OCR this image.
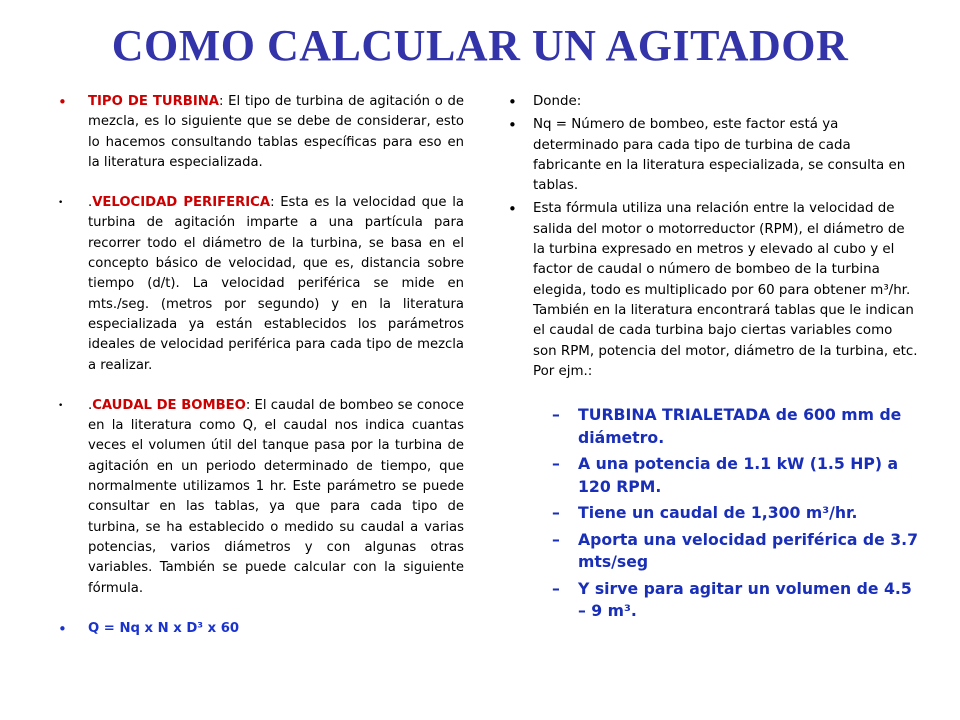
COMO CALCULAR UN AGITADOR
• TIPO DE TURBINA: El tipo de turbina de agitación o de mezcla, es lo siguiente que se debe de considerar, esto lo hacemos consultando tablas específicas para eso en la literatura especializada.
• .VELOCIDAD PERIFERICA: Esta es la velocidad que la turbina de agitación imparte a una partícula para recorrer todo el diámetro de la turbina, se basa en el concepto básico de velocidad, que es, distancia sobre tiempo (d/t). La velocidad periférica se mide en mts./seg. (metros por segundo) y en la literatura especializada ya están establecidos los parámetros ideales de velocidad periférica para cada tipo de mezcla a realizar.
• .CAUDAL DE BOMBEO: El caudal de bombeo se conoce en la literatura como Q, el caudal nos indica cuantas veces el volumen útil del tanque pasa por la turbina de agitación en un periodo determinado de tiempo, que normalmente utilizamos 1 hr. Este parámetro se puede consultar en las tablas, ya que para cada tipo de turbina, se ha establecido o medido su caudal a varias potencias, varios diámetros y con algunas otras variables. También se puede calcular con la siguiente fórmula.
• Q = Nq x N x D³ x 60
• Donde:
• Nq = Número de bombeo, este factor está ya determinado para cada tipo de turbina de cada fabricante en la literatura especializada, se consulta en tablas.
• Esta fórmula utiliza una relación entre la velocidad de salida del motor o motorreductor (RPM), el diámetro de la turbina expresado en metros y elevado al cubo y el factor de caudal o número de bombeo de la turbina elegida, todo es multiplicado por 60 para obtener m³/hr. También en la literatura encontrará tablas que le indican el caudal de cada turbina bajo ciertas variables como son RPM, potencia del motor, diámetro de la turbina, etc. Por ejm.:
– TURBINA TRIALETADA de 600 mm de diámetro.
– A una potencia de 1.1 kW (1.5 HP) a 120 RPM.
– Tiene un caudal de 1,300 m³/hr.
– Aporta una velocidad periférica de 3.7 mts/seg
– Y sirve para agitar un volumen de 4.5 – 9 m³.
